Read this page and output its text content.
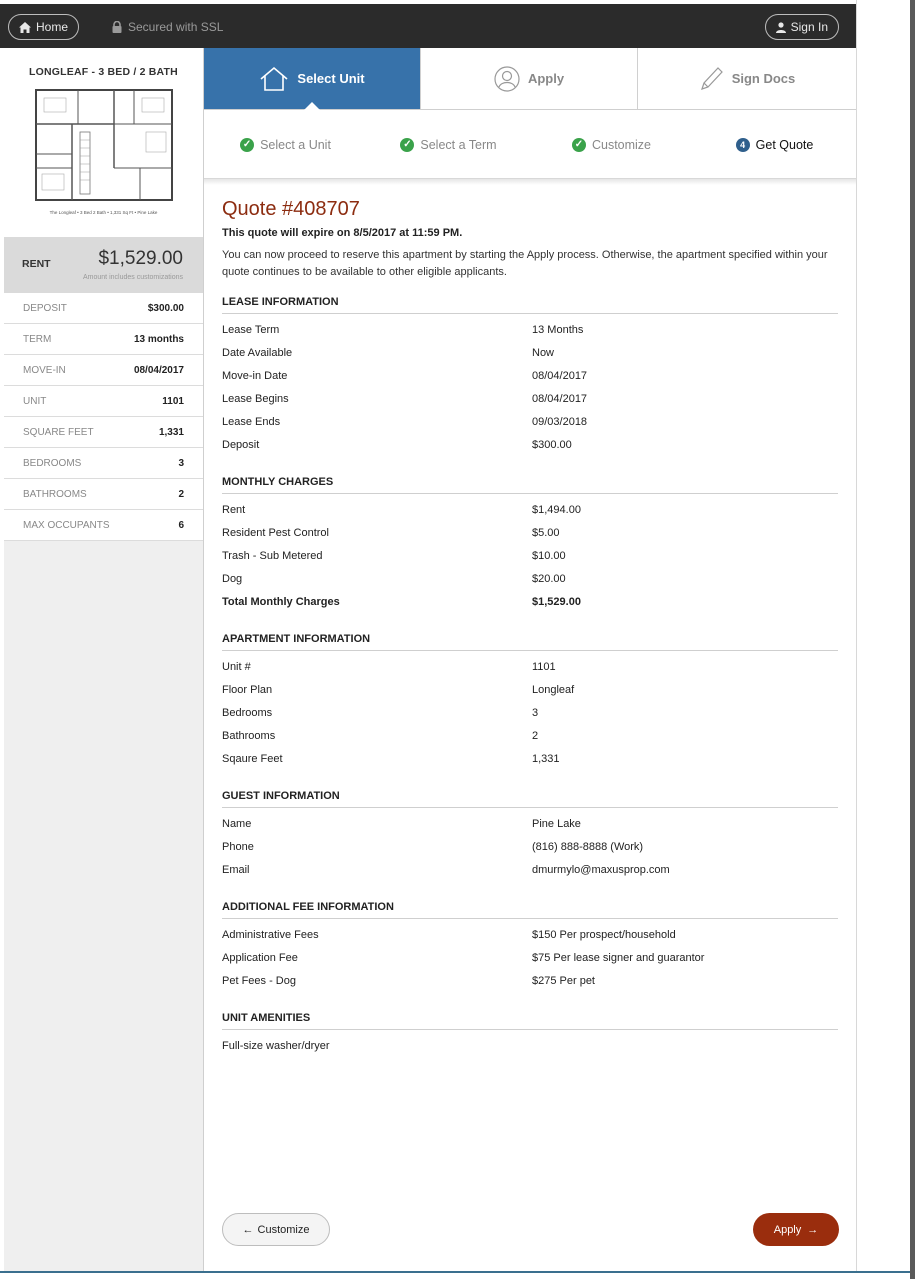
Home	Secured with SSL	Sign In
LONGLEAF - 3 BED / 2 BATH
The Longleaf • 3 Bed 2 Bath • 1,331 Sq Ft • Pine Lake
RENT	$1,529.00
Amount includes customizations
DEPOSIT	$300.00
TERM	13 months
MOVE-IN	08/04/2017
UNIT	1101
SQUARE FEET	1,331
BEDROOMS	3
BATHROOMS	2
MAX OCCUPANTS	6
Select Unit	Apply	Sign Docs
✓ Select a Unit	✓ Select a Term	✓ Customize	4 Get Quote
Quote #408707
This quote will expire on 8/5/2017 at 11:59 PM.
You can now proceed to reserve this apartment by starting the Apply process. Otherwise, the apartment specified within your quote continues to be available to other eligible applicants.
LEASE INFORMATION
Lease Term	13 Months
Date Available	Now
Move-in Date	08/04/2017
Lease Begins	08/04/2017
Lease Ends	09/03/2018
Deposit	$300.00
MONTHLY CHARGES
Rent	$1,494.00
Resident Pest Control	$5.00
Trash - Sub Metered	$10.00
Dog	$20.00
Total Monthly Charges	$1,529.00
APARTMENT INFORMATION
Unit #	1101
Floor Plan	Longleaf
Bedrooms	3
Bathrooms	2
Sqaure Feet	1,331
GUEST INFORMATION
Name	Pine Lake
Phone	(816) 888-8888 (Work)
Email	dmurmylo@maxusprop.com
ADDITIONAL FEE INFORMATION
Administrative Fees	$150 Per prospect/household
Application Fee	$75 Per lease signer and guarantor
Pet Fees - Dog	$275 Per pet
UNIT AMENITIES
Full-size washer/dryer
← Customize	Apply →
